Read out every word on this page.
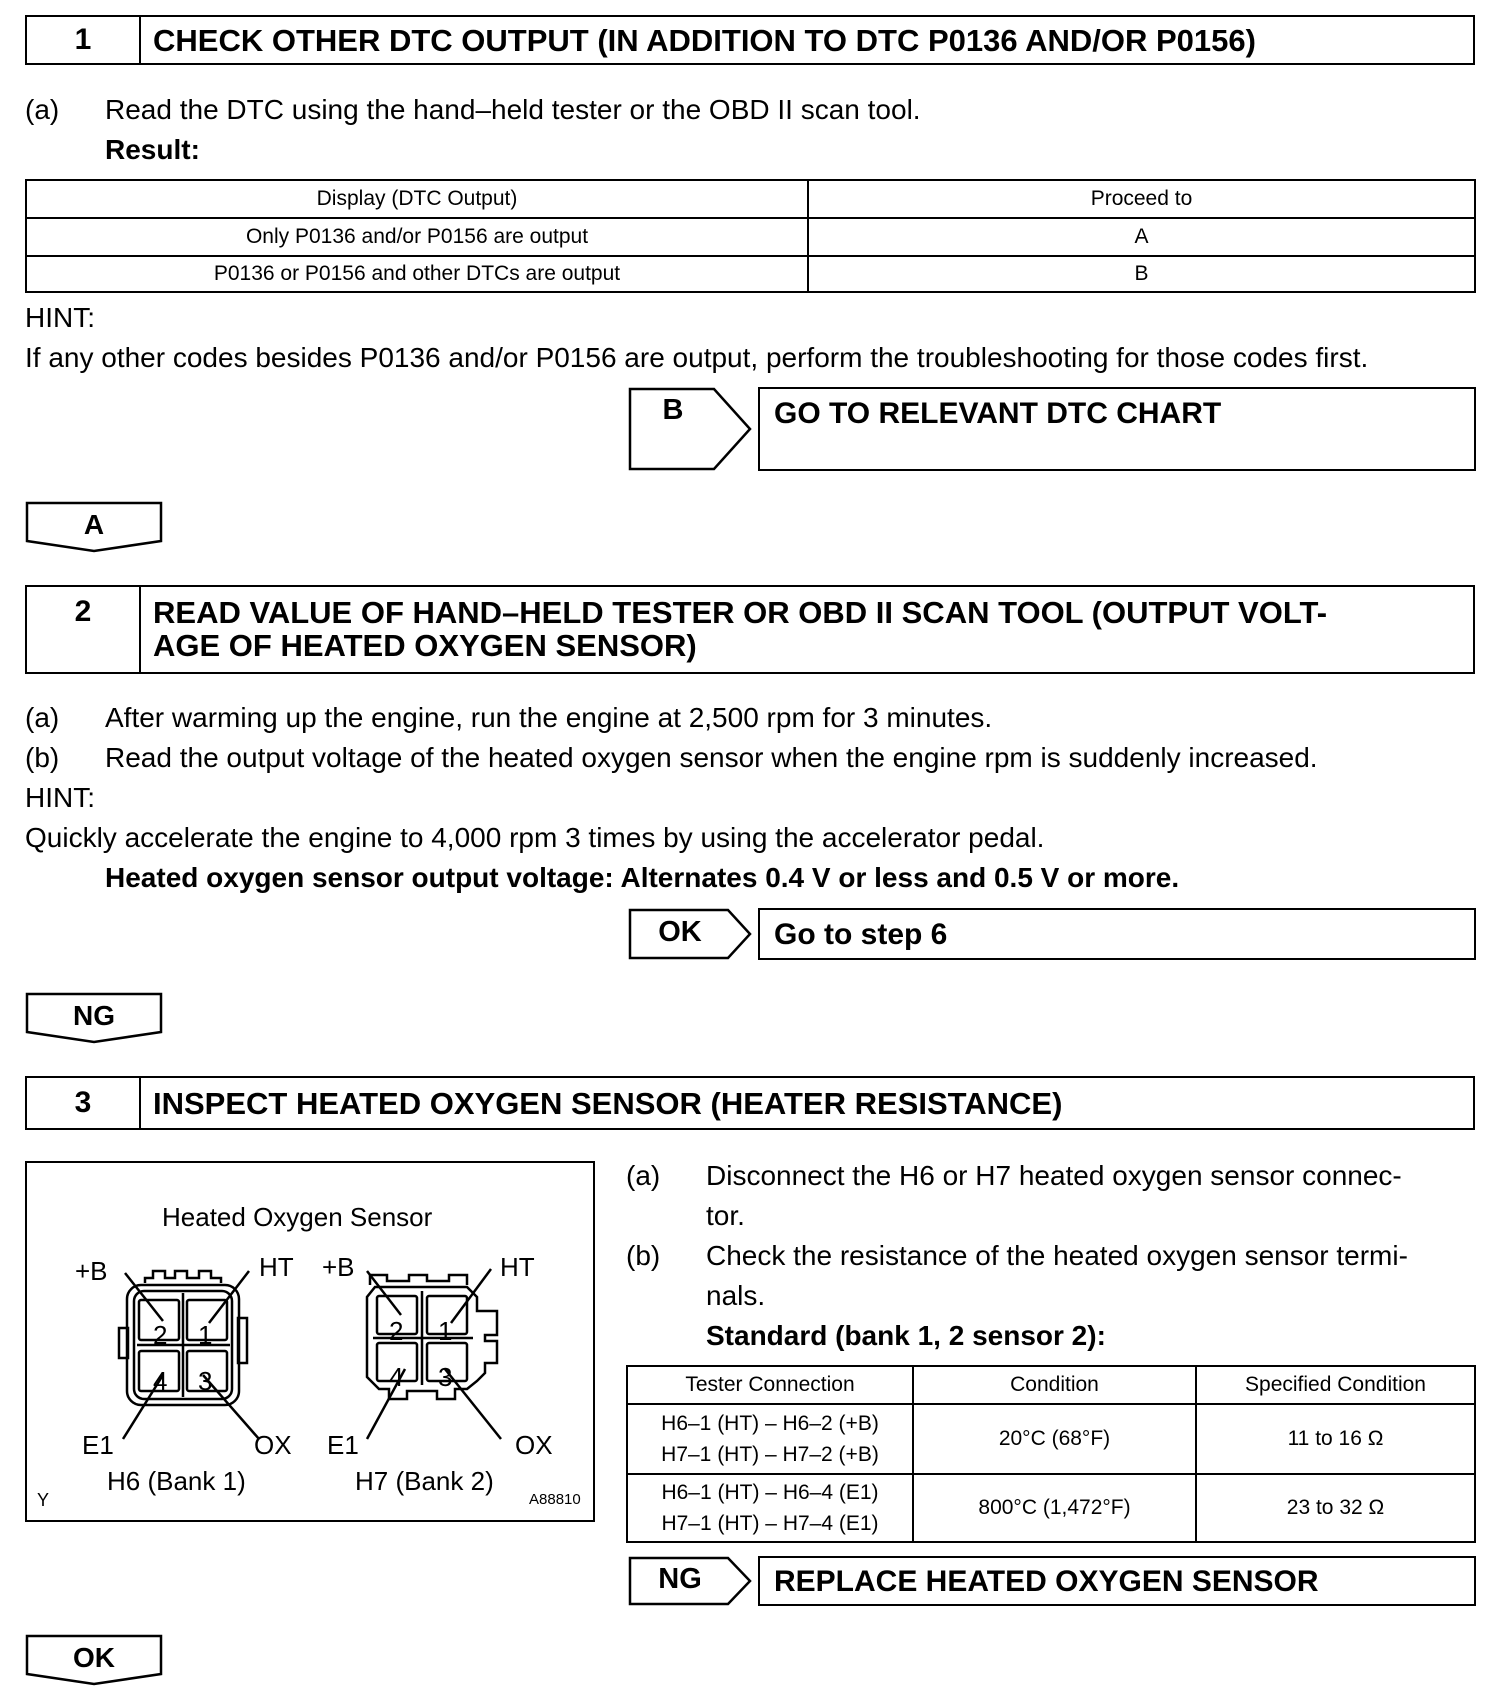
1	CHECK OTHER DTC OUTPUT (IN ADDITION TO DTC P0136 AND/OR P0156)
(a) Read the DTC using the hand–held tester or the OBD II scan tool.
Result:
Display (DTC Output)	Proceed to
Only P0136 and/or P0156 are output	A
P0136 or P0156 and other DTCs are output	B
HINT:
If any other codes besides P0136 and/or P0156 are output, perform the troubleshooting for those codes first.
B	GO TO RELEVANT DTC CHART
A
2	READ VALUE OF HAND–HELD TESTER OR OBD II SCAN TOOL (OUTPUT VOLT-
AGE OF HEATED OXYGEN SENSOR)
(a) After warming up the engine, run the engine at 2,500 rpm for 3 minutes.
(b) Read the output voltage of the heated oxygen sensor when the engine rpm is suddenly increased.
HINT:
Quickly accelerate the engine to 4,000 rpm 3 times by using the accelerator pedal.
Heated oxygen sensor output voltage: Alternates 0.4 V or less and 0.5 V or more.
OK	Go to step 6
NG
3	INSPECT HEATED OXYGEN SENSOR (HEATER RESISTANCE)
Heated Oxygen Sensor
+B	HT
2 1
4 3
E1	OX
H6 (Bank 1)
+B	HT
2 1
4 3
E1	OX
H7 (Bank 2)
Y	A88810
(a) Disconnect the H6 or H7 heated oxygen sensor connec-
tor.
(b) Check the resistance of the heated oxygen sensor termi-
nals.
Standard (bank 1, 2 sensor 2):
Tester Connection	Condition	Specified Condition

H6–1 (HT) – H6–2 (+B)
H7–1 (HT) – H7–2 (+B)	20°C (68°F)	11 to 16 Ω

H6–1 (HT) – H6–4 (E1)
H7–1 (HT) – H7–4 (E1)	800°C (1,472°F)	23 to 32 Ω
NG	REPLACE HEATED OXYGEN SENSOR
OK
